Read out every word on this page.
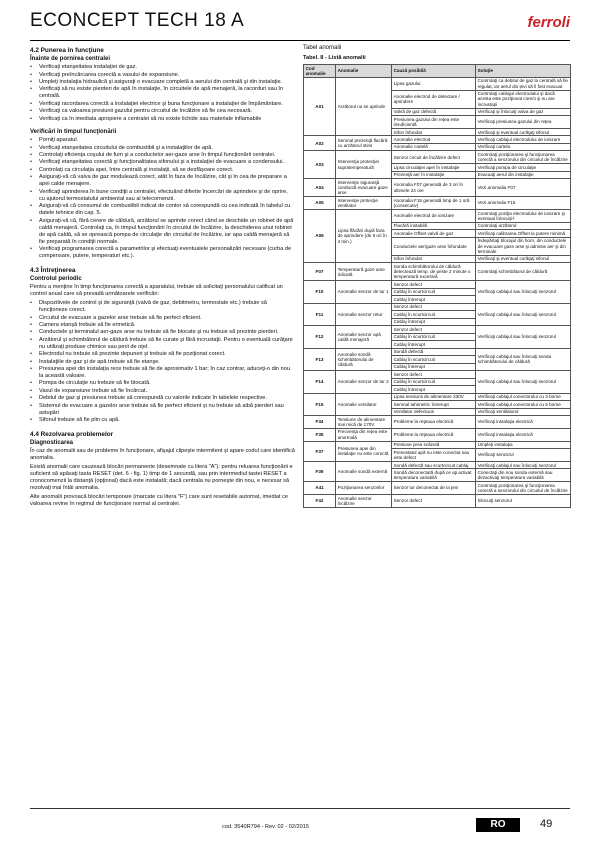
ECONCEPT TECH 18 A	ferroli
4.2 Punerea în funcţiune
Înainte de pornirea centralei
• Verificaţi etanşeitatea instalaţiei de gaz.
• Verificaţi preîncărcarea corectă a vasului de expansiune.
• Umpleţi instalaţia hidraulică şi asiguraţi o evacuare completă a aerului din centrală şi din instalaţie.
• Verificaţi să nu existe pierderi de apă în instalaţie, în circuitele de apă menajeră, la racorduri sau în centrală.
• Verificaţi racordarea corectă a instalaţiei electrice şi buna funcţionare a instalaţiei de împământare.
• Verificaţi ca valoarea presiunii gazului pentru circuitul de încălzire să fie cea necesară.
• Verificaţi ca în imediata apropiere a centralei să nu existe lichide sau materiale inflamabile
Verificări în timpul funcţionării
• Porniţi aparatul.
• Verificaţi etanşeitatea circuitului de combustibil şi a instalaţiilor de apă.
• Controlaţi eficienţa coşului de fum şi a conductelor aer-gaze arse în timpul funcţionării centralei.
• Verificaţi etanşeitatea corectă şi funcţionalitatea sifonului şi a instalaţiei de evacuare a condensului.
• Controlaţi ca circulaţia apei, între centrală şi instalaţii, să se desfăşoare corect.
• Asiguraţi-vă că valva de gaz modulează corect, atât în faza de încălzire, cât şi în cea de preparare a apei calde menajere.
• Verificaţi aprinderea în bune condiţii a centralei, efectuând diferite încercări de aprindere şi de oprire, cu ajutorul termostatului ambiental sau al telecomenzii.
• Asiguraţi-vă că consumul de combustibil indicat de contor să corespundă cu cea indicată în tabelul cu datele tehnice din cap. 5.
• Asiguraţi-vă că, fără cerere de căldură, arzătorul se aprinde corect când se deschide un robinet de apă caldă menajeră. Controlaţi ca, în timpul funcţionării în circuitul de încălzire, la deschiderea unui robinet de apă caldă, să se oprească pompa de circulaţie din circuitul de încălzire, iar apa caldă menajeră să fie preparată în condiţii normale.
• Verificaţi programarea corectă a parametrilor şi efectuaţi eventualele personalizări necesare (curba de compensare, putere, temperaturi etc.).
4.3 Întreţinerea
Controlul periodic
Pentru a menţine în timp funcţionarea corectă a aparatului, trebuie să solicitaţi personalului calificat un control anual care să prevadă următoarele verificări:
• Dispozitivele de control şi de siguranţă (valvă de gaz, debitmetru, termostate etc.) trebuie să funcţioneze corect.
• Circuitul de evacuare a gazelor arse trebuie să fie perfect eficient.
• Camera etanşă trebuie să fie ermetică.
• Conductele şi terminalul aer-gaze arse nu trebuie să fie blocate şi nu trebuie să prezinte pierderi.
• Arzătorul şi schimbătorul de căldură trebuie să fie curate şi fără incrustaţii. Pentru o eventuală curăţare nu utilizaţi produse chimice sau perii de oţel.
• Electrodul nu trebuie să prezinte depuneri şi trebuie să fie poziţionat corect.
• Instalaţiile de gaz şi de apă trebuie să fie etanşe.
• Presiunea apei din instalaţia rece trebuie să fie de aproximativ 1 bar; în caz contrar, aduceţi-o din nou la această valoare.
• Pompa de circulaţie nu trebuie să fie blocată.
• Vasul de expansiune trebuie să fie încărcat.
• Debitul de gaz şi presiunea trebuie să corespundă cu valorile indicate în tabelele respective.
• Sistemul de evacuare a gazelor arse trebuie să fie perfect eficient şi nu trebuie să aibă pierderi sau astupări
• Sifonul trebuie să fie plin cu apă.
4.4 Rezolvarea problemelor
Diagnosticarea
În caz de anomalii sau de probleme în funcţionare, afişajul clipeşte intermitent şi apare codul care identifică anomalia.
Există anomalii care cauzează blocări permanente (desemnate cu litera "A"): pentru reluarea funcţionării e suficient să apăsaţi tasta RESET (det. 6 - fig. 1) timp de 1 secundă, sau prin intermediul tastei RESET a cronocomenzii la distanţă (opţional) dacă este instalată; dacă centrala nu porneşte din nou, e necesar să rezolvaţi mai întâi anomalia.
Alte anomalii provoacă blocări temporare (marcate cu litera "F") care sunt resetabile automat, imediat ce valoarea revine în regimul de funcţionare normal al centralei.
Tabel anomalii
Tabel. 8 - Listă anomalii
Cod anomalie	Anomalie	Cauză posibilă	Soluţie
A01	Arzătorul nu se aprinde	Lipsa gazului	Controlaţi ca debitul de gaz la centrală să fie regulat, iar aerul din țevi să fi fost evacuat
		Anomalie electrod de detectare / aprindere	Controlaţi cablajul electrodului şi dacă acesta este poziţionat corect şi nu are incrustaţii
		Valvă de gaz defectă	Verificaţi şi înlocuiţi valva de gaz
		Presiunea gazului din reţea este insuficientă	Verificaţi presiunea gazului din reţea
		Sifon înfundat	Verificaţi şi eventual curăţaţi sifonul
A02	Semnal prezenţă flacără cu arzătorul stins	Anomalie electrod	Verificaţi cablajul electrodului de ionizare
		Anomalie cartelă	Verificaţi cartela
A03	Intervenţia protecţiei supratemperatură	Senzor circuit de încălzire defect	Controlaţi poziţionarea şi funcţionarea corectă a senzorului din circuitul de încălzire
		Lipsa circulaţiei apei în instalaţie	Verificaţi pompa de circulaţie
		Prezenţă aer în instalaţie	Evacuaţi aerul din instalaţie
A04	Intervenţie siguranţă conductă evacuare gaze arse	Anomalia F07 generată de 3 ori în ultimele 24 ore	Vezi anomalia F07
A05	Intervenţie protecţie ventilator	Anomalia F15 generată timp de 1 oră (consecutiv)	Vezi anomalia F15
A06	Lipsa flăcării după faza de aprindere (de 6 ori în 4 min.)	Anomalie electrod de ionizare	Controlaţi poziţia electrodului de ionizare şi eventual înlocuiţi-l
		Flacără instabilă	Controlaţi arzătorul
		Anomalie Offset valvă de gaz	Verificaţi calibrarea Offset la putere minimă
		Conductele aer/gaze arse înfundate	Îndepărtaţi blocajul din horn, din conductele de evacuare gaze arse şi admisie aer şi din terminale
		Sifon înfundat	Verificaţi şi eventual curăţaţi sifonul
F07	Temperatură gaze arse ridicată	Sonda schimbătorului de căldură detectează temp. de peste 2 minute o temperatură excesivă	Controlaţi schimbătorul de căldură
F10	Anomalie senzor de tur 1	Senzor defect	Verificaţi cablajul sau înlocuiţi senzorul
		Cablaj în scurtcircuit	
		Cablaj întrerupt	
F11	Anomalie senzor retur	Senzor defect	Verificaţi cablajul sau înlocuiţi senzorul
		Cablaj în scurtcircuit	
		Cablaj întrerupt	
F12	Anomalie senzor apă caldă menajeră	Senzor defect	Verificaţi cablajul sau înlocuiţi senzorul
		Cablaj în scurtcircuit	
		Cablaj întrerupt	
F13	Anomalie sondă schimbătorului de căldură	Sondă defectă	Verificaţi cablajul sau înlocuiţi sonda schimbătorului de căldură
		Cablaj în scurtcircuit	
		Cablaj întrerupt	
F14	Anomalie senzor de tur 2	Senzor defect	Verificaţi cablajul sau înlocuiţi senzorul
		Cablaj în scurtcircuit	
		Cablaj întrerupt	
F15	Anomalie ventilator	Lipsa tensiunii de alimentare 230V	Verificaţi cablajul conectorului cu 3 borne
		Semnal tahimetric întrerupt	Verificaţi cablajul conectorului cu 5 borne
		Ventilator defectuos	Verificaţi ventilatorul
F34	Tensiune de alimentare mai mică de 170V	Probleme la reţeaua electrică	Verificaţi instalaţia electrică
F35	Frecvenţa din reţea este anormală	Probleme la reţeaua electrică	Verificaţi instalaţia electrică
F37	Presiunea apei din instalaţie nu este corectă	Presiune prea scăzută	Umpleţi instalaţia
		Presostatul apă nu este conectat sau este defect	Verificaţi senzorul
F39	Anomalie sondă externă	Sondă defectă sau scurtcircuit cablaj	Verificaţi cablajul sau înlocuiţi senzorul
		Sondă deconectată după ce aţi activat temperatura variabilă	Conectaţi din nou sonda externă sau dezactivaţi temperatura variabilă
A41	Poziţionarea senzorilor	Senzor tur deconectat de la ţevi	Controlaţi poziţionarea şi funcţionarea corectă a senzorului din circuitul de încălzire
F42	Anomalie senzor încălzire	Senzor defect	Înlocuiţi senzorul
cod. 3540R794 - Rev. 02 - 02/2015	RO	49
